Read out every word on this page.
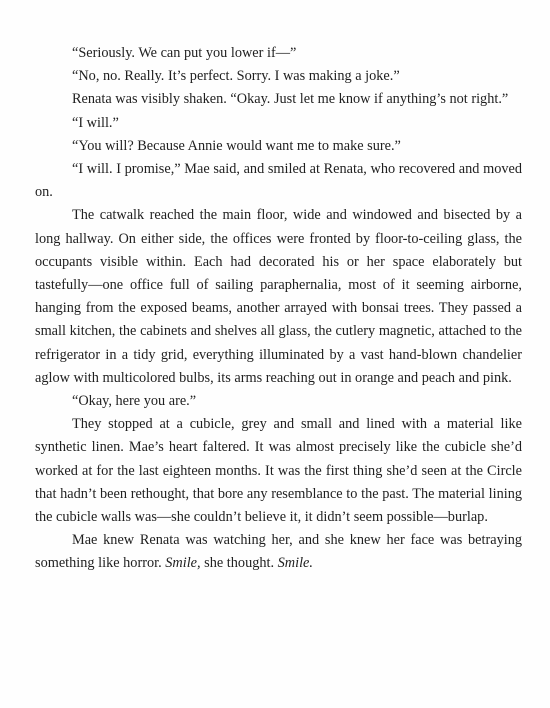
“Seriously. We can put you lower if—”

“No, no. Really. It’s perfect. Sorry. I was making a joke.”

Renata was visibly shaken. “Okay. Just let me know if anything’s not right.”

“I will.”

“You will? Because Annie would want me to make sure.”

“I will. I promise,” Mae said, and smiled at Renata, who recovered and moved on.

The catwalk reached the main floor, wide and windowed and bisected by a long hallway. On either side, the offices were fronted by floor-to-ceiling glass, the occupants visible within. Each had decorated his or her space elaborately but tastefully—one office full of sailing paraphernalia, most of it seeming airborne, hanging from the exposed beams, another arrayed with bonsai trees. They passed a small kitchen, the cabinets and shelves all glass, the cutlery magnetic, attached to the refrigerator in a tidy grid, everything illuminated by a vast hand-blown chandelier aglow with multicolored bulbs, its arms reaching out in orange and peach and pink.

“Okay, here you are.”

They stopped at a cubicle, grey and small and lined with a material like synthetic linen. Mae’s heart faltered. It was almost precisely like the cubicle she’d worked at for the last eighteen months. It was the first thing she’d seen at the Circle that hadn’t been rethought, that bore any resemblance to the past. The material lining the cubicle walls was—she couldn’t believe it, it didn’t seem possible—burlap.

Mae knew Renata was watching her, and she knew her face was betraying something like horror. Smile, she thought. Smile.
